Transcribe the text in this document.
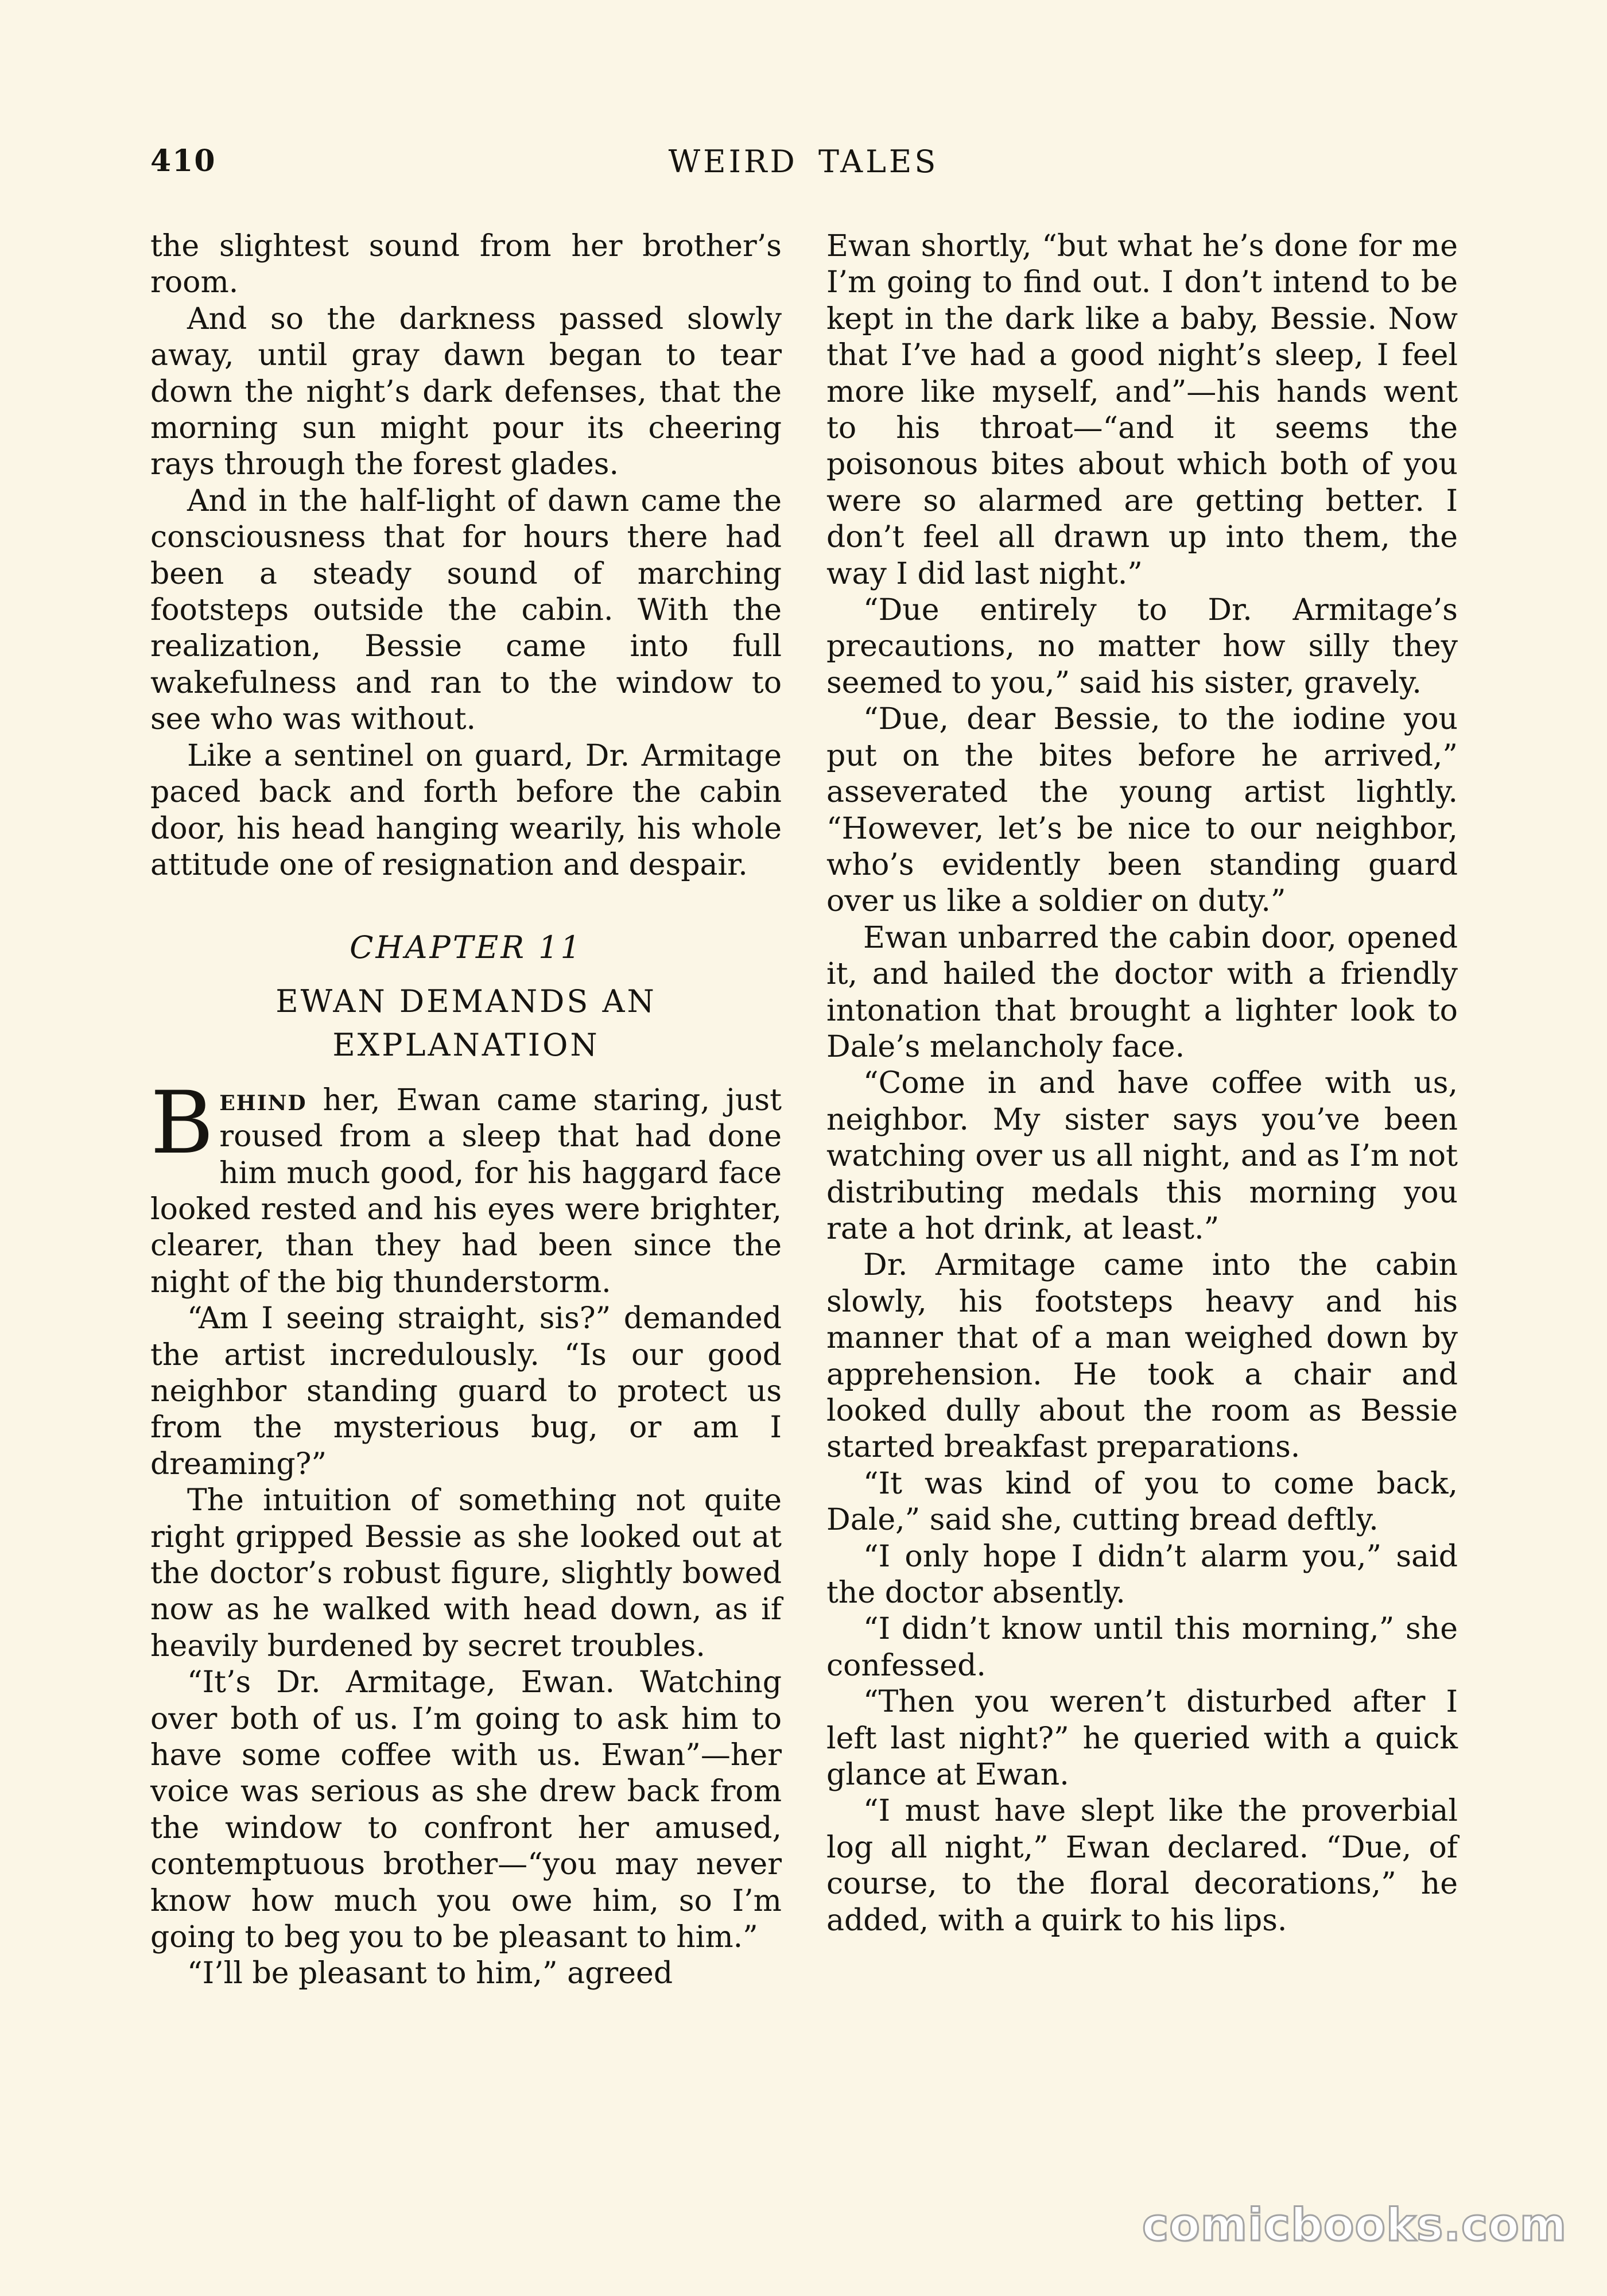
410	WEIRD TALES

the slightest sound from her brother’s room.

And so the darkness passed slowly away, until gray dawn began to tear down the night’s dark defenses, that the morning sun might pour its cheering rays through the forest glades.

And in the half-light of dawn came the consciousness that for hours there had been a steady sound of marching footsteps outside the cabin. With the realization, Bessie came into full wakefulness and ran to the window to see who was without.

Like a sentinel on guard, Dr. Armitage paced back and forth before the cabin door, his head hanging wearily, his whole attitude one of resignation and despair.

CHAPTER 11
EWAN DEMANDS AN
EXPLANATION

Behind her, Ewan came staring, just roused from a sleep that had done him much good, for his haggard face looked rested and his eyes were brighter, clearer, than they had been since the night of the big thunderstorm.

“Am I seeing straight, sis?” demanded the artist incredulously. “Is our good neighbor standing guard to protect us from the mysterious bug, or am I dreaming?”

The intuition of something not quite right gripped Bessie as she looked out at the doctor’s robust figure, slightly bowed now as he walked with head down, as if heavily burdened by secret troubles.

“It’s Dr. Armitage, Ewan. Watching over both of us. I’m going to ask him to have some coffee with us. Ewan”—her voice was serious as she drew back from the window to confront her amused, contemptuous brother—“you may never know how much you owe him, so I’m going to beg you to be pleasant to him.”

“I’ll be pleasant to him,” agreed

Ewan shortly, “but what he’s done for me I’m going to find out. I don’t intend to be kept in the dark like a baby, Bessie. Now that I’ve had a good night’s sleep, I feel more like myself, and”—his hands went to his throat—“and it seems the poisonous bites about which both of you were so alarmed are getting better. I don’t feel all drawn up into them, the way I did last night.”

“Due entirely to Dr. Armitage’s precautions, no matter how silly they seemed to you,” said his sister, gravely.

“Due, dear Bessie, to the iodine you put on the bites before he arrived,” asseverated the young artist lightly. “However, let’s be nice to our neighbor, who’s evidently been standing guard over us like a soldier on duty.”

Ewan unbarred the cabin door, opened it, and hailed the doctor with a friendly intonation that brought a lighter look to Dale’s melancholy face.

“Come in and have coffee with us, neighbor. My sister says you’ve been watching over us all night, and as I’m not distributing medals this morning you rate a hot drink, at least.”

Dr. Armitage came into the cabin slowly, his footsteps heavy and his manner that of a man weighed down by apprehension. He took a chair and looked dully about the room as Bessie started breakfast preparations.

“It was kind of you to come back, Dale,” said she, cutting bread deftly.

“I only hope I didn’t alarm you,” said the doctor absently.

“I didn’t know until this morning,” she confessed.

“Then you weren’t disturbed after I left last night?” he queried with a quick glance at Ewan.

“I must have slept like the proverbial log all night,” Ewan declared. “Due, of course, to the floral decorations,” he added, with a quirk to his lips.

comicbooks.com
